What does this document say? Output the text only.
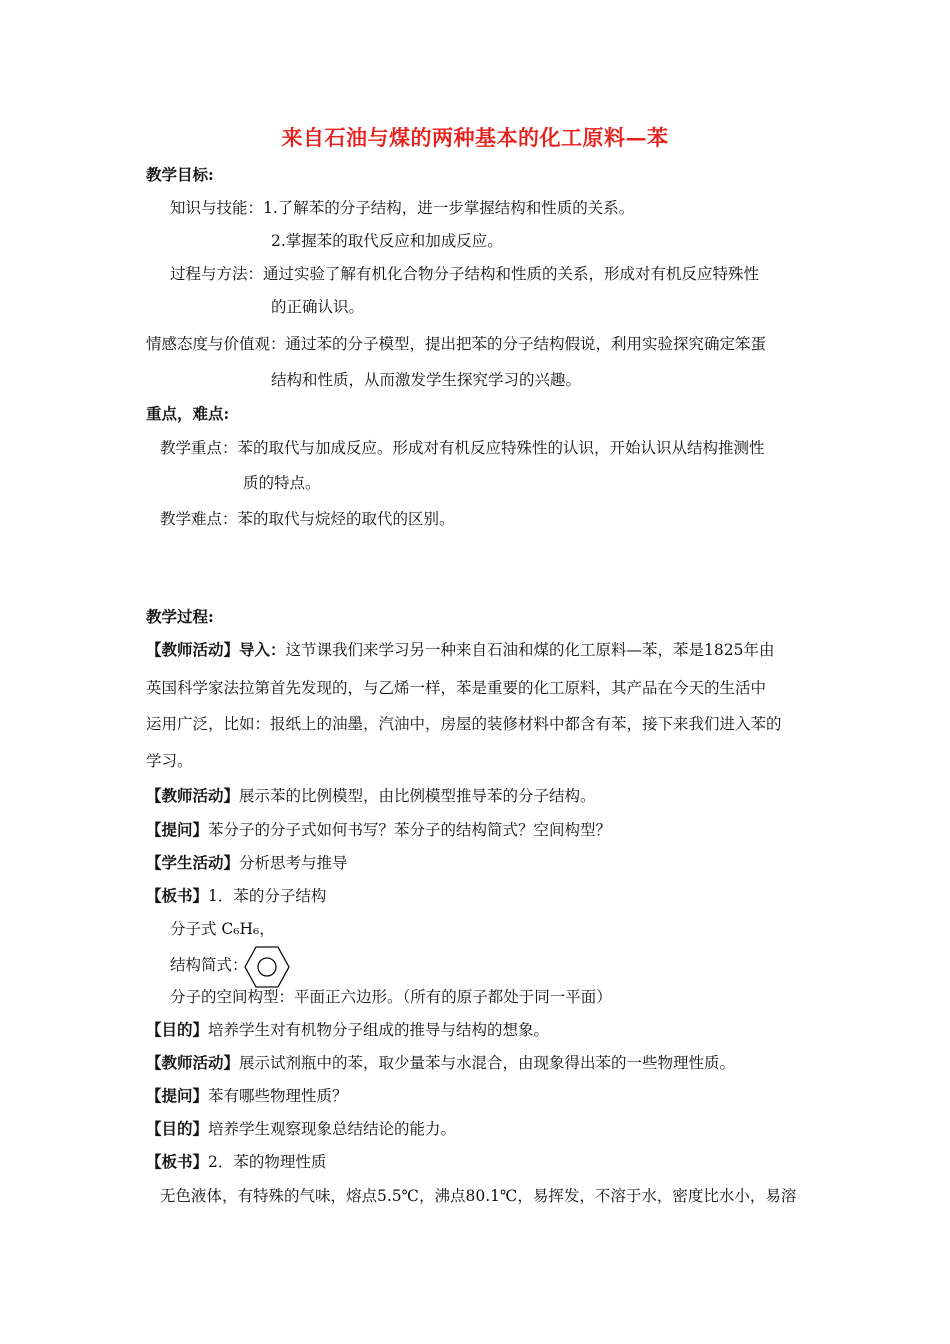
来自石油与煤的两种基本的化工原料—苯
教学目标:
知识与技能：1.了解苯的分子结构，进一步掌握结构和性质的关系。
2.掌握苯的取代反应和加成反应。
过程与方法：通过实验了解有机化合物分子结构和性质的关系，形成对有机反应特殊性
的正确认识。
情感态度与价值观：通过苯的分子模型，提出把苯的分子结构假说，利用实验探究确定笨蛋
结构和性质，从而激发学生探究学习的兴趣。
重点，难点:
教学重点：苯的取代与加成反应。形成对有机反应特殊性的认识，开始认识从结构推测性
质的特点。
教学难点：苯的取代与烷烃的取代的区别。
教学过程:
【教师活动】导入：这节课我们来学习另一种来自石油和煤的化工原料—苯，苯是1825年由
英国科学家法拉第首先发现的，与乙烯一样，苯是重要的化工原料，其产品在今天的生活中
运用广泛，比如：报纸上的油墨，汽油中，房屋的装修材料中都含有苯，接下来我们进入苯的
学习。
【教师活动】展示苯的比例模型，由比例模型推导苯的分子结构。
【提问】苯分子的分子式如何书写？苯分子的结构简式？空间构型？
【学生活动】分析思考与推导
【板书】1．苯的分子结构
分子式 C₆H₆，
结构简式：
分子的空间构型：平面正六边形。（所有的原子都处于同一平面）
【目的】培养学生对有机物分子组成的推导与结构的想象。
【教师活动】展示试剂瓶中的苯，取少量苯与水混合，由现象得出苯的一些物理性质。
【提问】苯有哪些物理性质？
【目的】培养学生观察现象总结结论的能力。
【板书】2．苯的物理性质
无色液体，有特殊的气味，熔点5.5℃，沸点80.1℃，易挥发，不溶于水，密度比水小，易溶
